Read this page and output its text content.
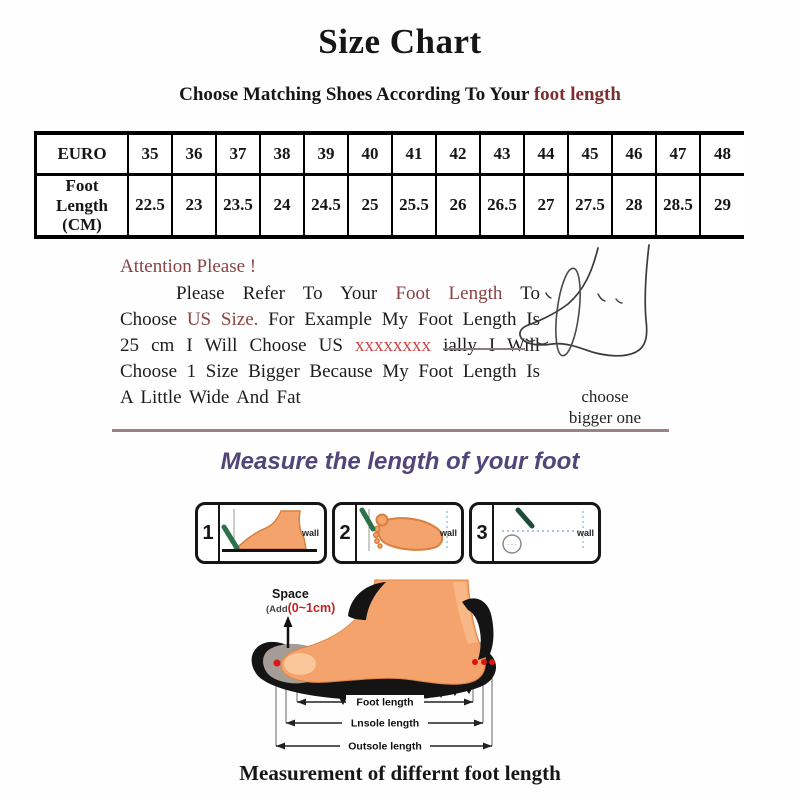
Size Chart
Choose Matching Shoes According To Your foot length
EURO	35	36	37	38	39	40	41	42	43	44	45	46	47	48
Foot Length (CM)	22.5	23	23.5	24	24.5	25	25.5	26	26.5	27	27.5	28	28.5	29

Attention Please !

Please Refer To Your Foot Length To Choose US Size. For Example My Foot Length Is 25 cm I Will Choose US xxxxxxxx ially I Will Choose 1 Size Bigger Because My Foot Length Is A Little Wide And Fat	choose
bigger one
Measure the length of your foot
1	wall 2	wall 3
- - -
wall
Space
(Add(0~1cm)
Foot length
Lnsole length
Outsole length
Measurement of differnt foot length
